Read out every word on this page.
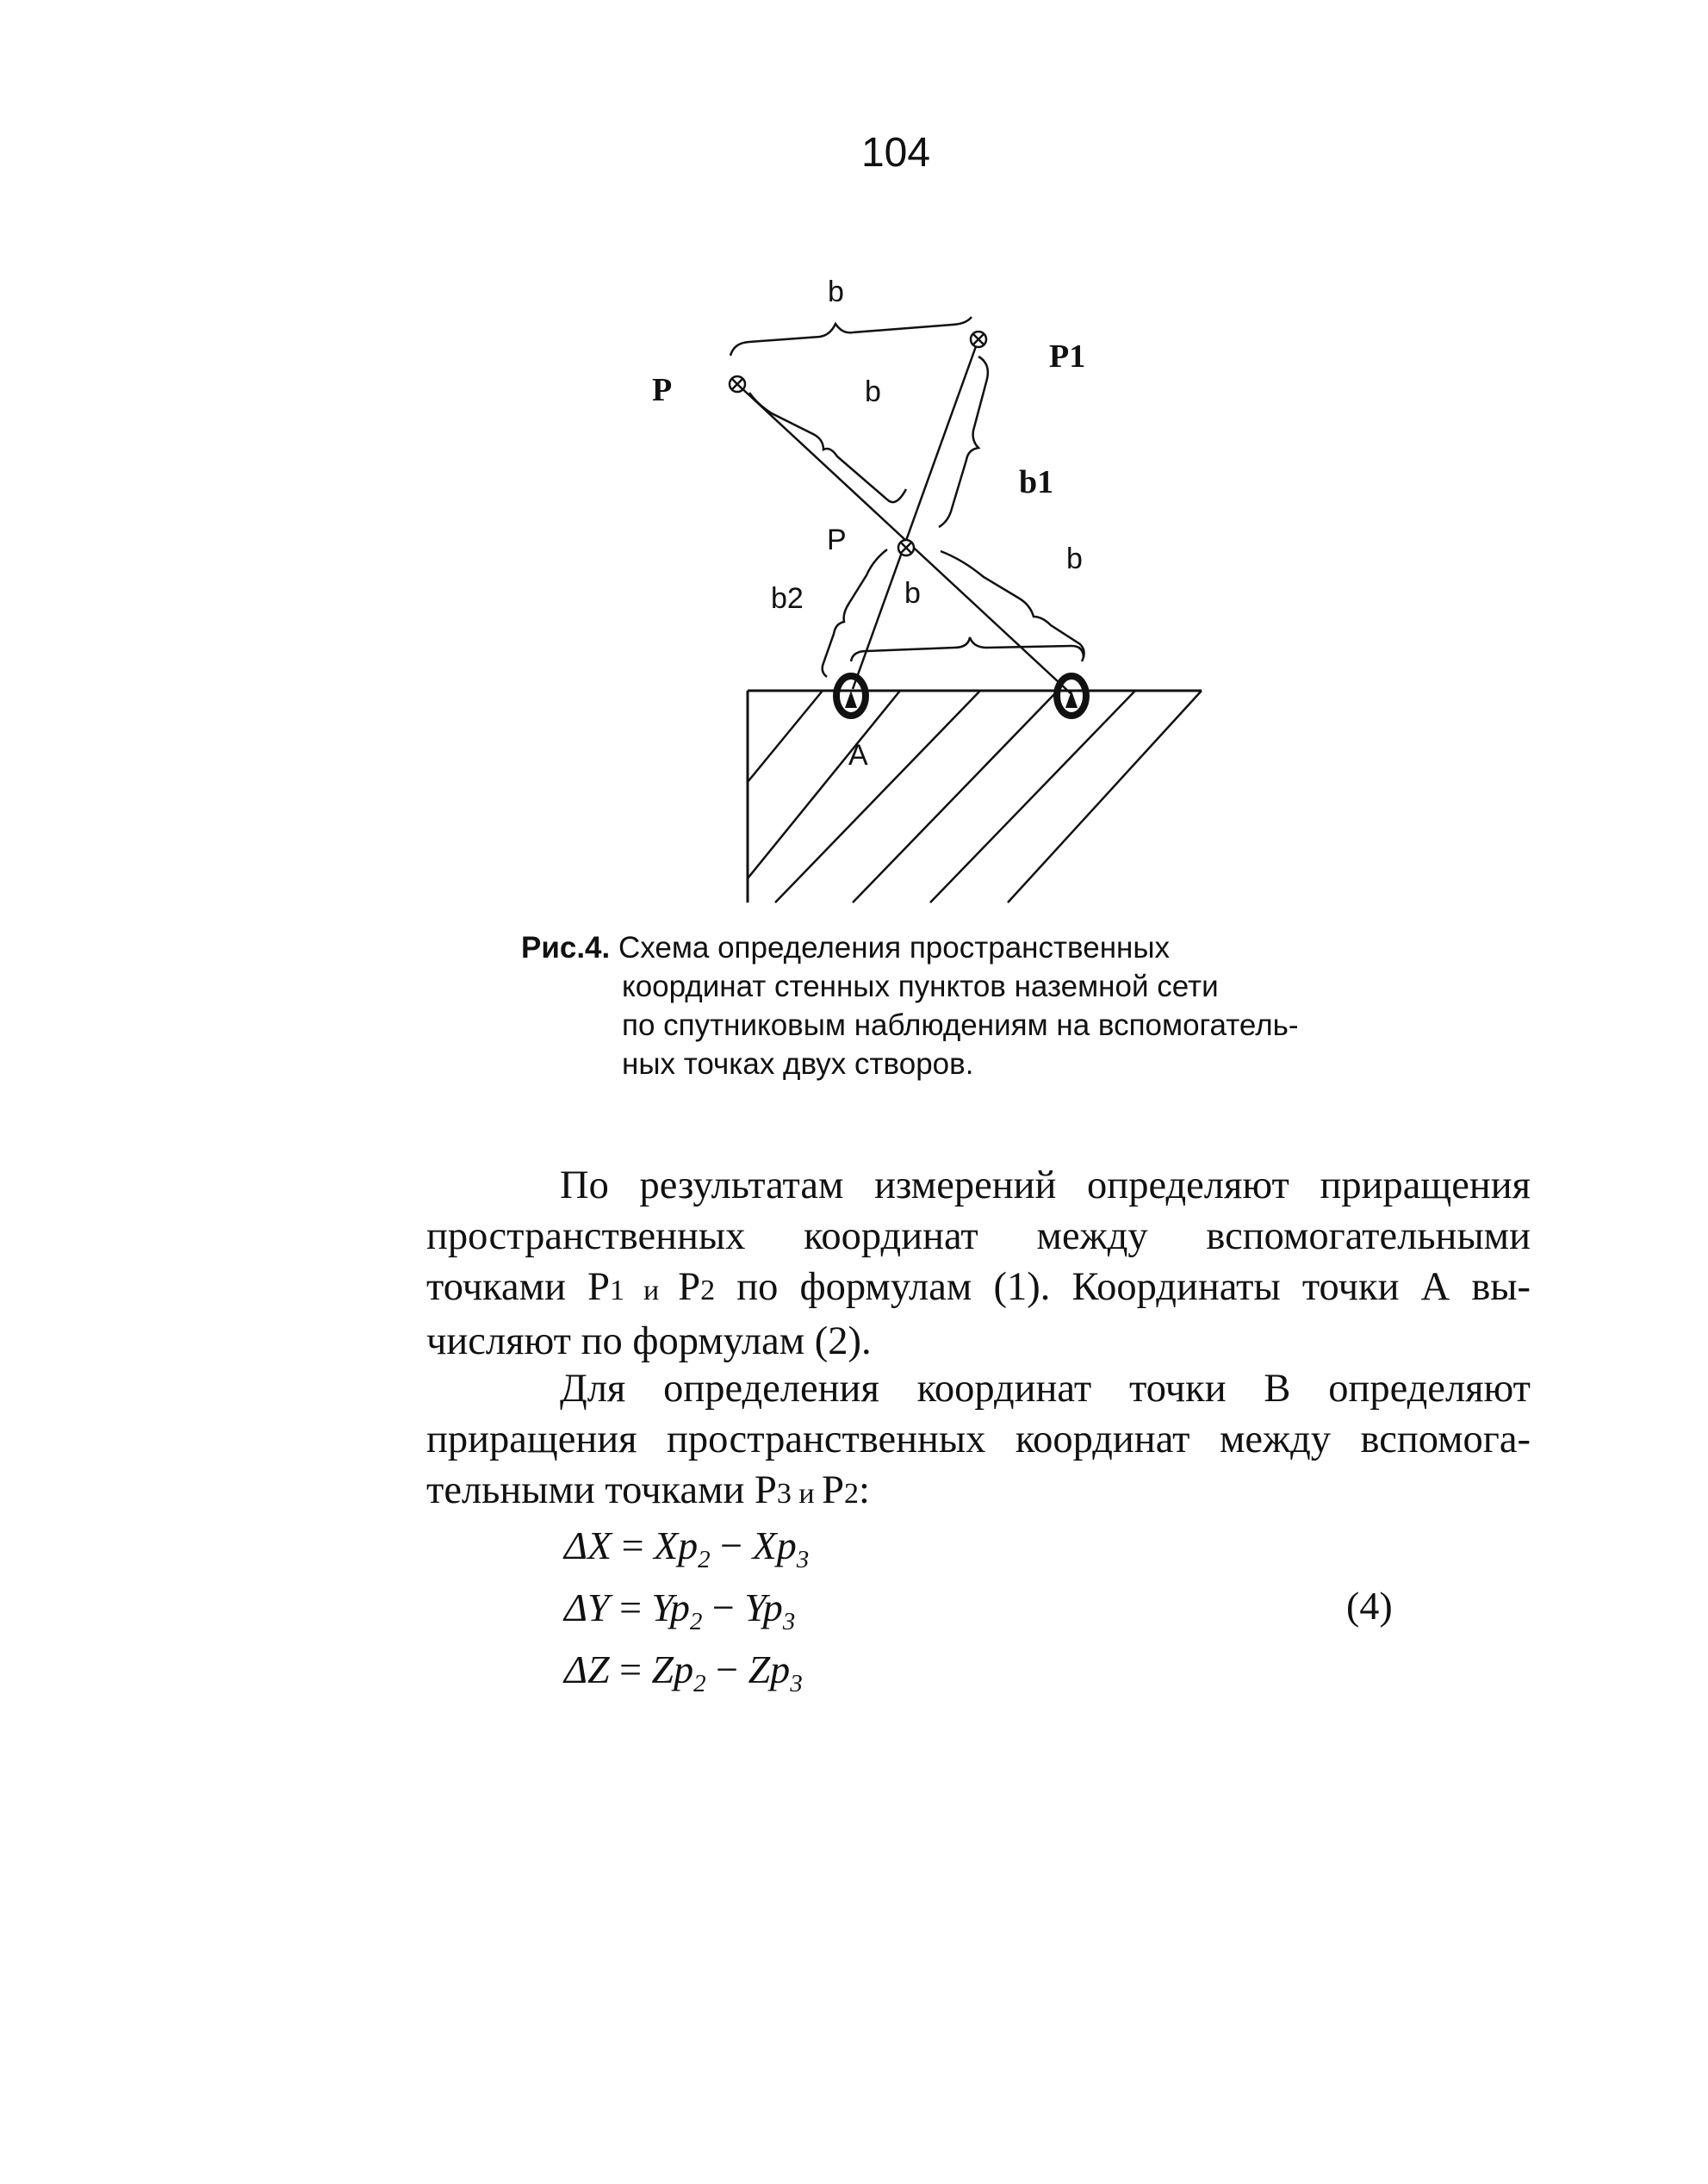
104
P
P1
P
b
b
b1
b
b2	b
A
Рис.4. Схема определения пространственных
координат стенных пунктов наземной сети
по спутниковым наблюдениям на вспомогатель-
ных точках двух створов.
По результатам измерений определяют приращения
пространственных координат между вспомогательными
точками P1 и P2 по формулам (1). Координаты точки А вы-
числяют по формулам (2).
Для определения координат точки В определяют
приращения пространственных координат между вспомога-
тельными точками P3 и P2:
$\Delta X = Xp_2 - Xp_3$
$\Delta Y = Yp_2 - Yp_3$
$\Delta Z = Zp_2 - Zp_3$
(4)
